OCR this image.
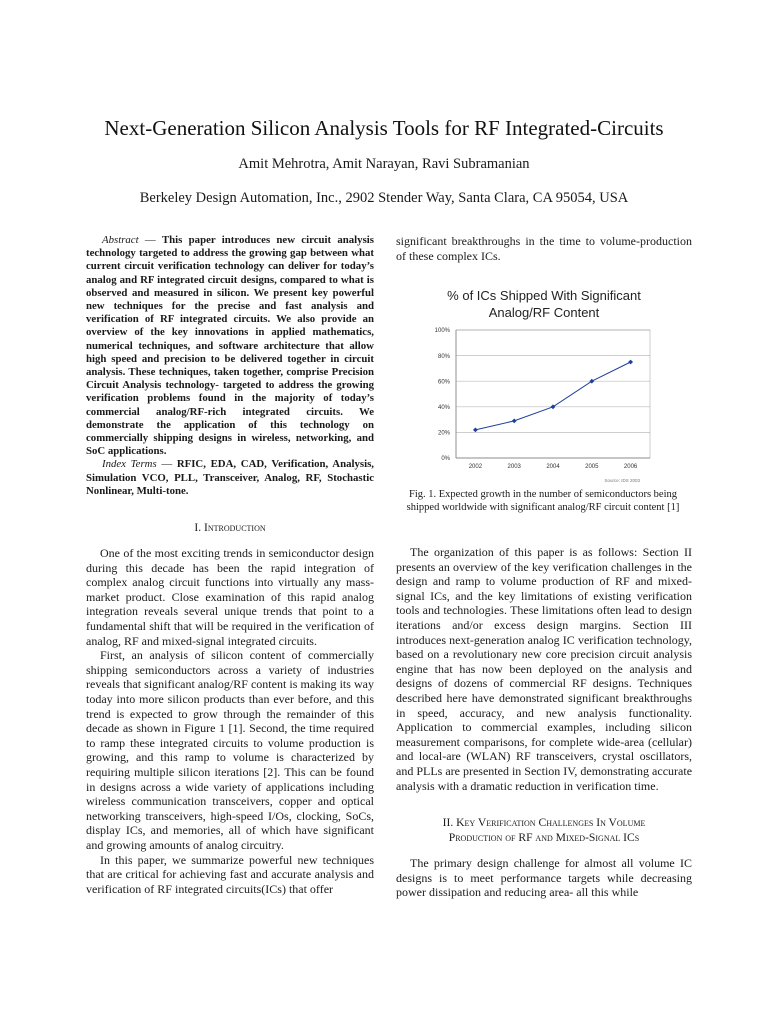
Next-Generation Silicon Analysis Tools for RF Integrated-Circuits
Amit Mehrotra, Amit Narayan, Ravi Subramanian
Berkeley Design Automation, Inc., 2902 Stender Way, Santa Clara, CA 95054, USA

Abstract — This paper introduces new circuit analysis technology targeted to address the growing gap between what current circuit verification technology can deliver for today’s analog and RF integrated circuit designs, compared to what is observed and measured in silicon. We present key powerful new techniques for the precise and fast analysis and verification of RF integrated circuits. We also provide an overview of the key innovations in applied mathematics, numerical techniques, and software architecture that allow high speed and precision to be delivered together in circuit analysis. These techniques, taken together, comprise Precision Circuit Analysis technology- targeted to address the growing verification problems found in the majority of today’s commercial analog/RF-rich integrated circuits. We demonstrate the application of this technology on commercially shipping designs in wireless, networking, and SoC applications.

Index Terms — RFIC, EDA, CAD, Verification, Analysis, Simulation VCO, PLL, Transceiver, Analog, RF, Stochastic Nonlinear, Multi-tone.

I. Introduction

One of the most exciting trends in semiconductor design during this decade has been the rapid integration of complex analog circuit functions into virtually any mass-market product. Close examination of this rapid analog integration reveals several unique trends that point to a fundamental shift that will be required in the verification of analog, RF and mixed-signal integrated circuits.

First, an analysis of silicon content of commercially shipping semiconductors across a variety of industries reveals that significant analog/RF content is making its way today into more silicon products than ever before, and this trend is expected to grow through the remainder of this decade as shown in Figure 1 [1]. Second, the time required to ramp these integrated circuits to volume production is growing, and this ramp to volume is characterized by requiring multiple silicon iterations [2]. This can be found in designs across a wide variety of applications including wireless communication transceivers, copper and optical networking transceivers, high-speed I/Os, clocking, SoCs, display ICs, and memories, all of which have significant and growing amounts of analog circuitry.

In this paper, we summarize powerful new techniques that are critical for achieving fast and accurate analysis and verification of RF integrated circuits(ICs) that offer

significant breakthroughs in the time to volume-production of these complex ICs.

% of ICs Shipped With Significant
Analog/RF Content
0%
20%
40%
60%
80%
100%
2002	2003	2004	2005	2006
Source: IDS 2003
Fig. 1. Expected growth in the number of semiconductors being shipped worldwide with significant analog/RF circuit content [1]

The organization of this paper is as follows: Section II presents an overview of the key verification challenges in the design and ramp to volume production of RF and mixed-signal ICs, and the key limitations of existing verification tools and technologies. These limitations often lead to design iterations and/or excess design margins. Section III introduces next-generation analog IC verification technology, based on a revolutionary new core precision circuit analysis engine that has now been deployed on the analysis and designs of dozens of commercial RF designs. Techniques described here have demonstrated significant breakthroughs in speed, accuracy, and new analysis functionality. Application to commercial examples, including silicon measurement comparisons, for complete wide-area (cellular) and local-are (WLAN) RF transceivers, crystal oscillators, and PLLs are presented in Section IV, demonstrating accurate analysis with a dramatic reduction in verification time.

II. Key Verification Challenges In Volume

Production of RF and Mixed-Signal ICs

The primary design challenge for almost all volume IC designs is to meet performance targets while decreasing power dissipation and reducing area- all this while
